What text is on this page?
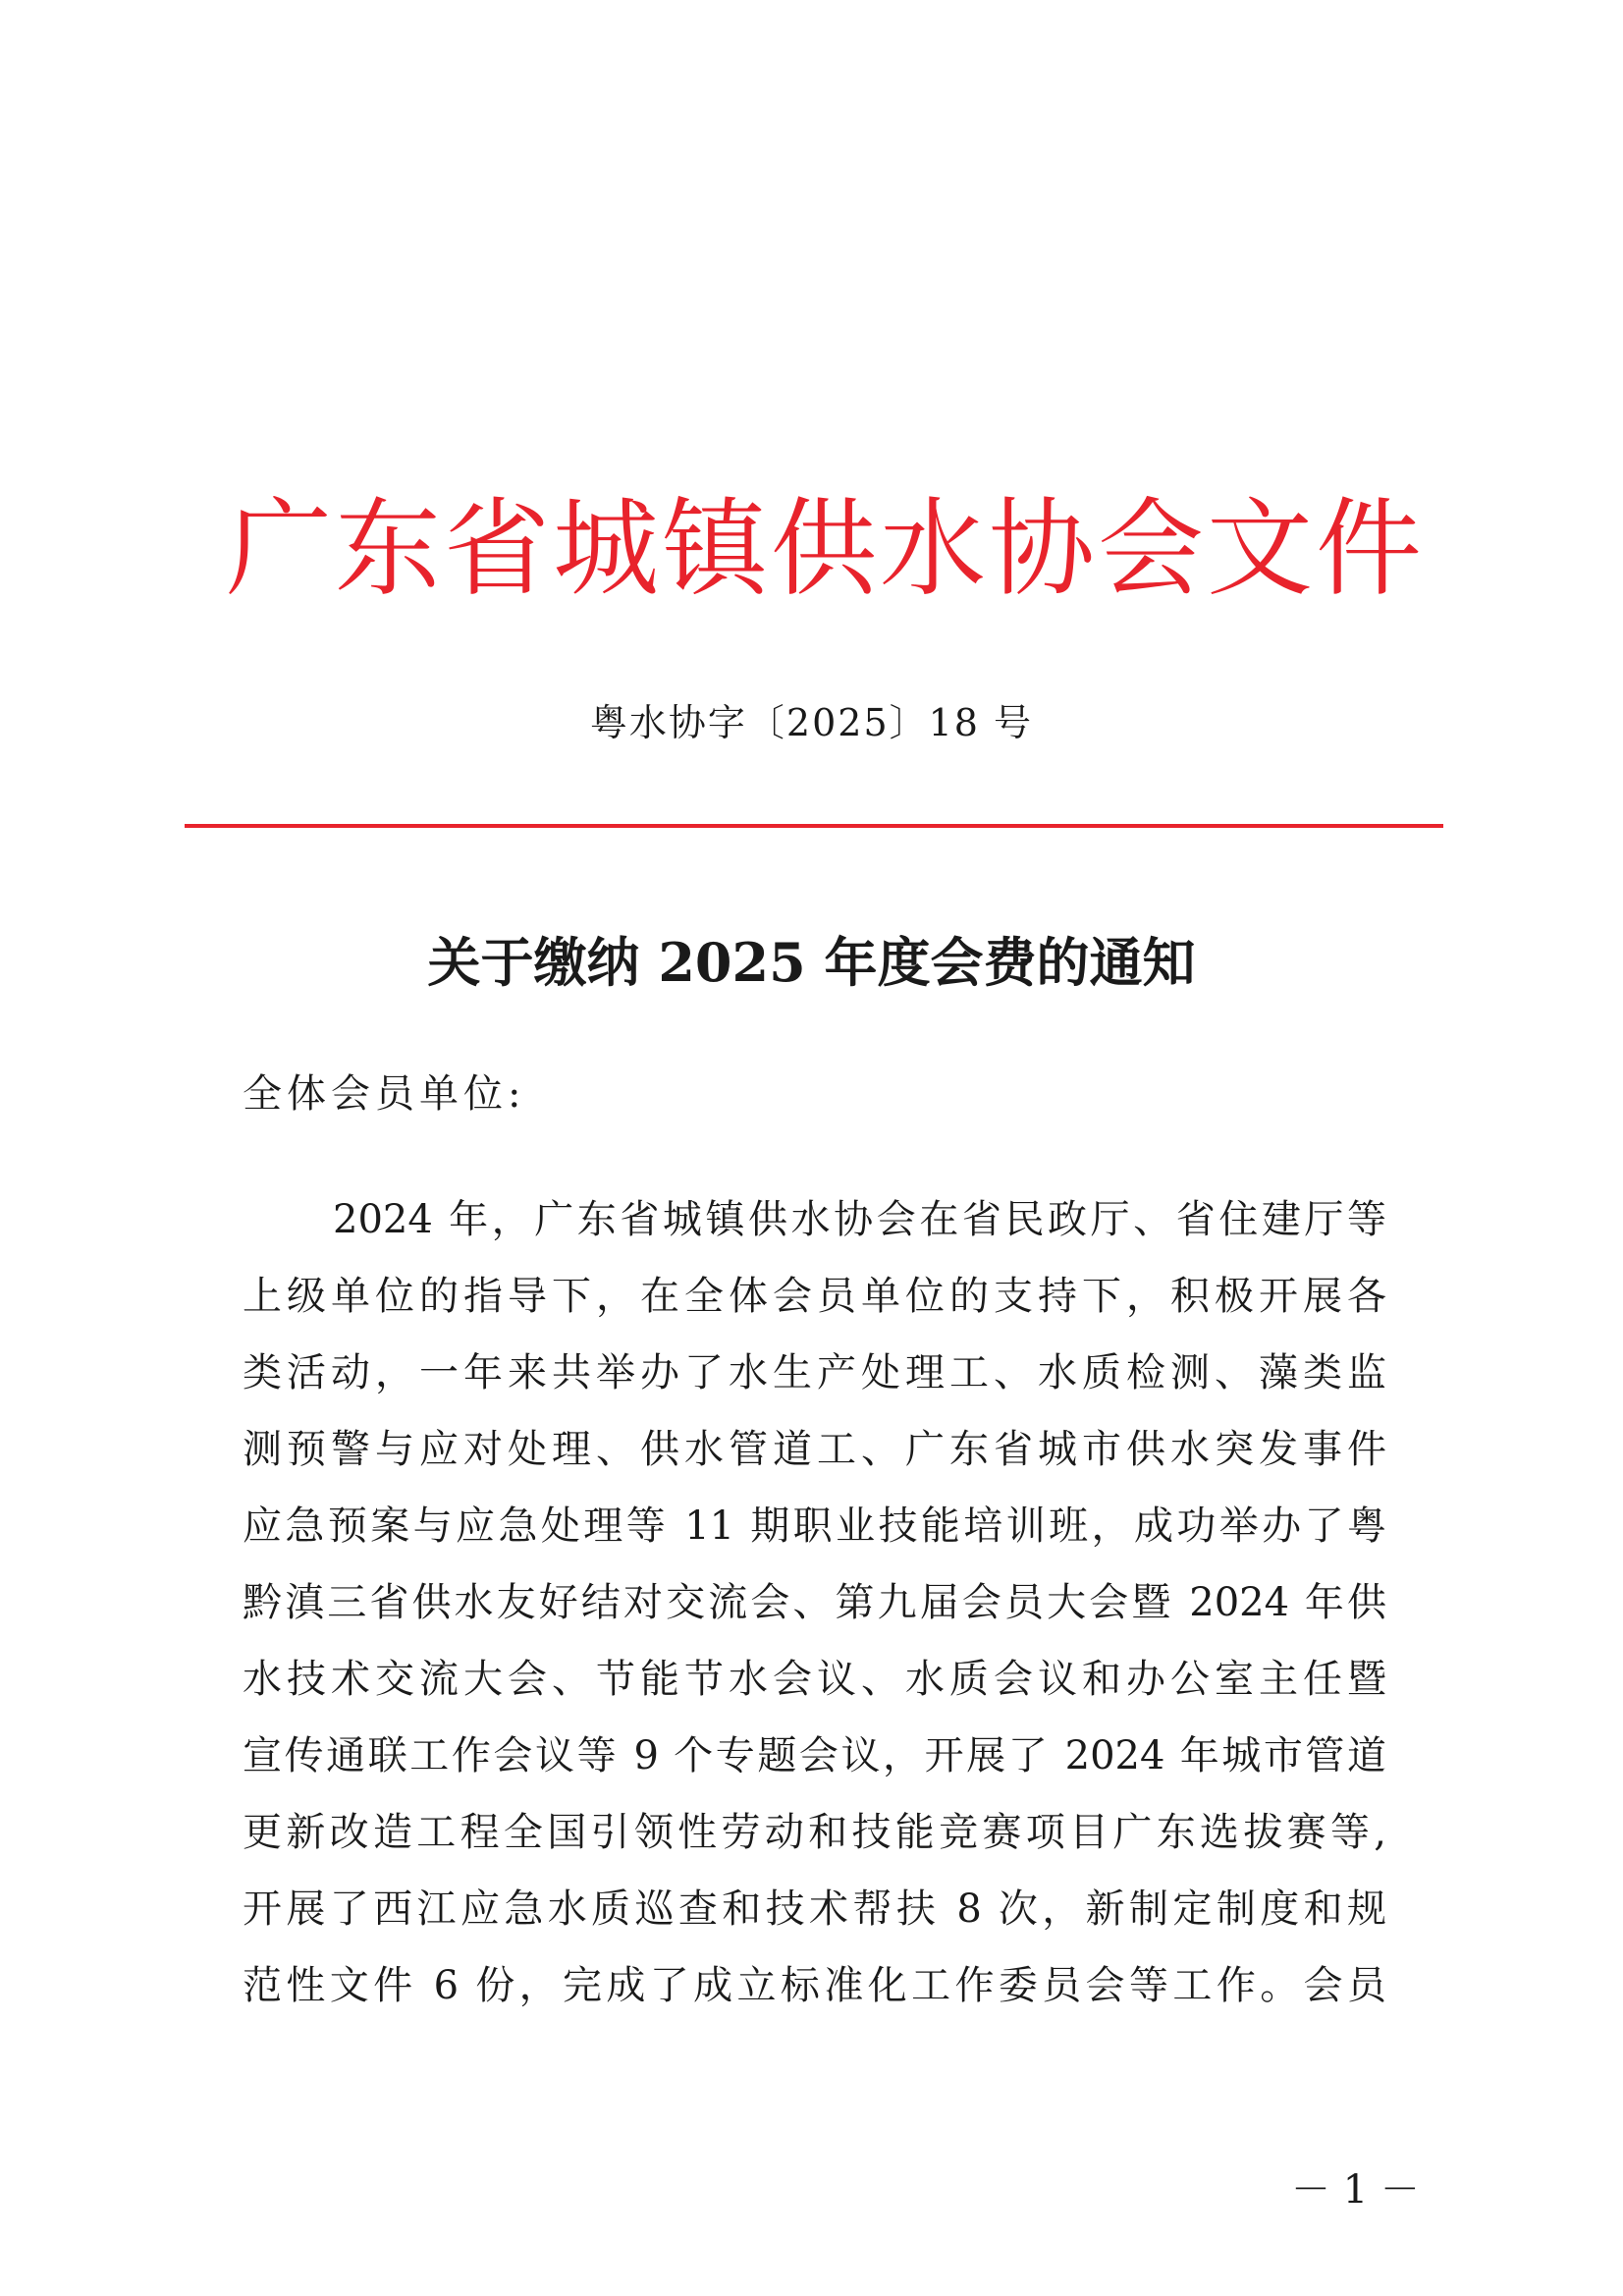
广东省城镇供水协会文件
粤水协字〔2025〕18 号
关于缴纳 2025 年度会费的通知
全体会员单位:
2024 年，广东省城镇供水协会在省民政厅、省住建厅等
上级单位的指导下，在全体会员单位的支持下，积极开展各
类活动，一年来共举办了水生产处理工、水质检测、藻类监
测预警与应对处理、供水管道工、广东省城市供水突发事件
应急预案与应急处理等 11 期职业技能培训班，成功举办了粤
黔滇三省供水友好结对交流会、第九届会员大会暨 2024 年供
水技术交流大会、节能节水会议、水质会议和办公室主任暨
宣传通联工作会议等 9 个专题会议，开展了 2024 年城市管道
更新改造工程全国引领性劳动和技能竞赛项目广东选拔赛等,
开展了西江应急水质巡查和技术帮扶 8 次，新制定制度和规
范性文件 6 份，完成了成立标准化工作委员会等工作。会员
－ 1 －
